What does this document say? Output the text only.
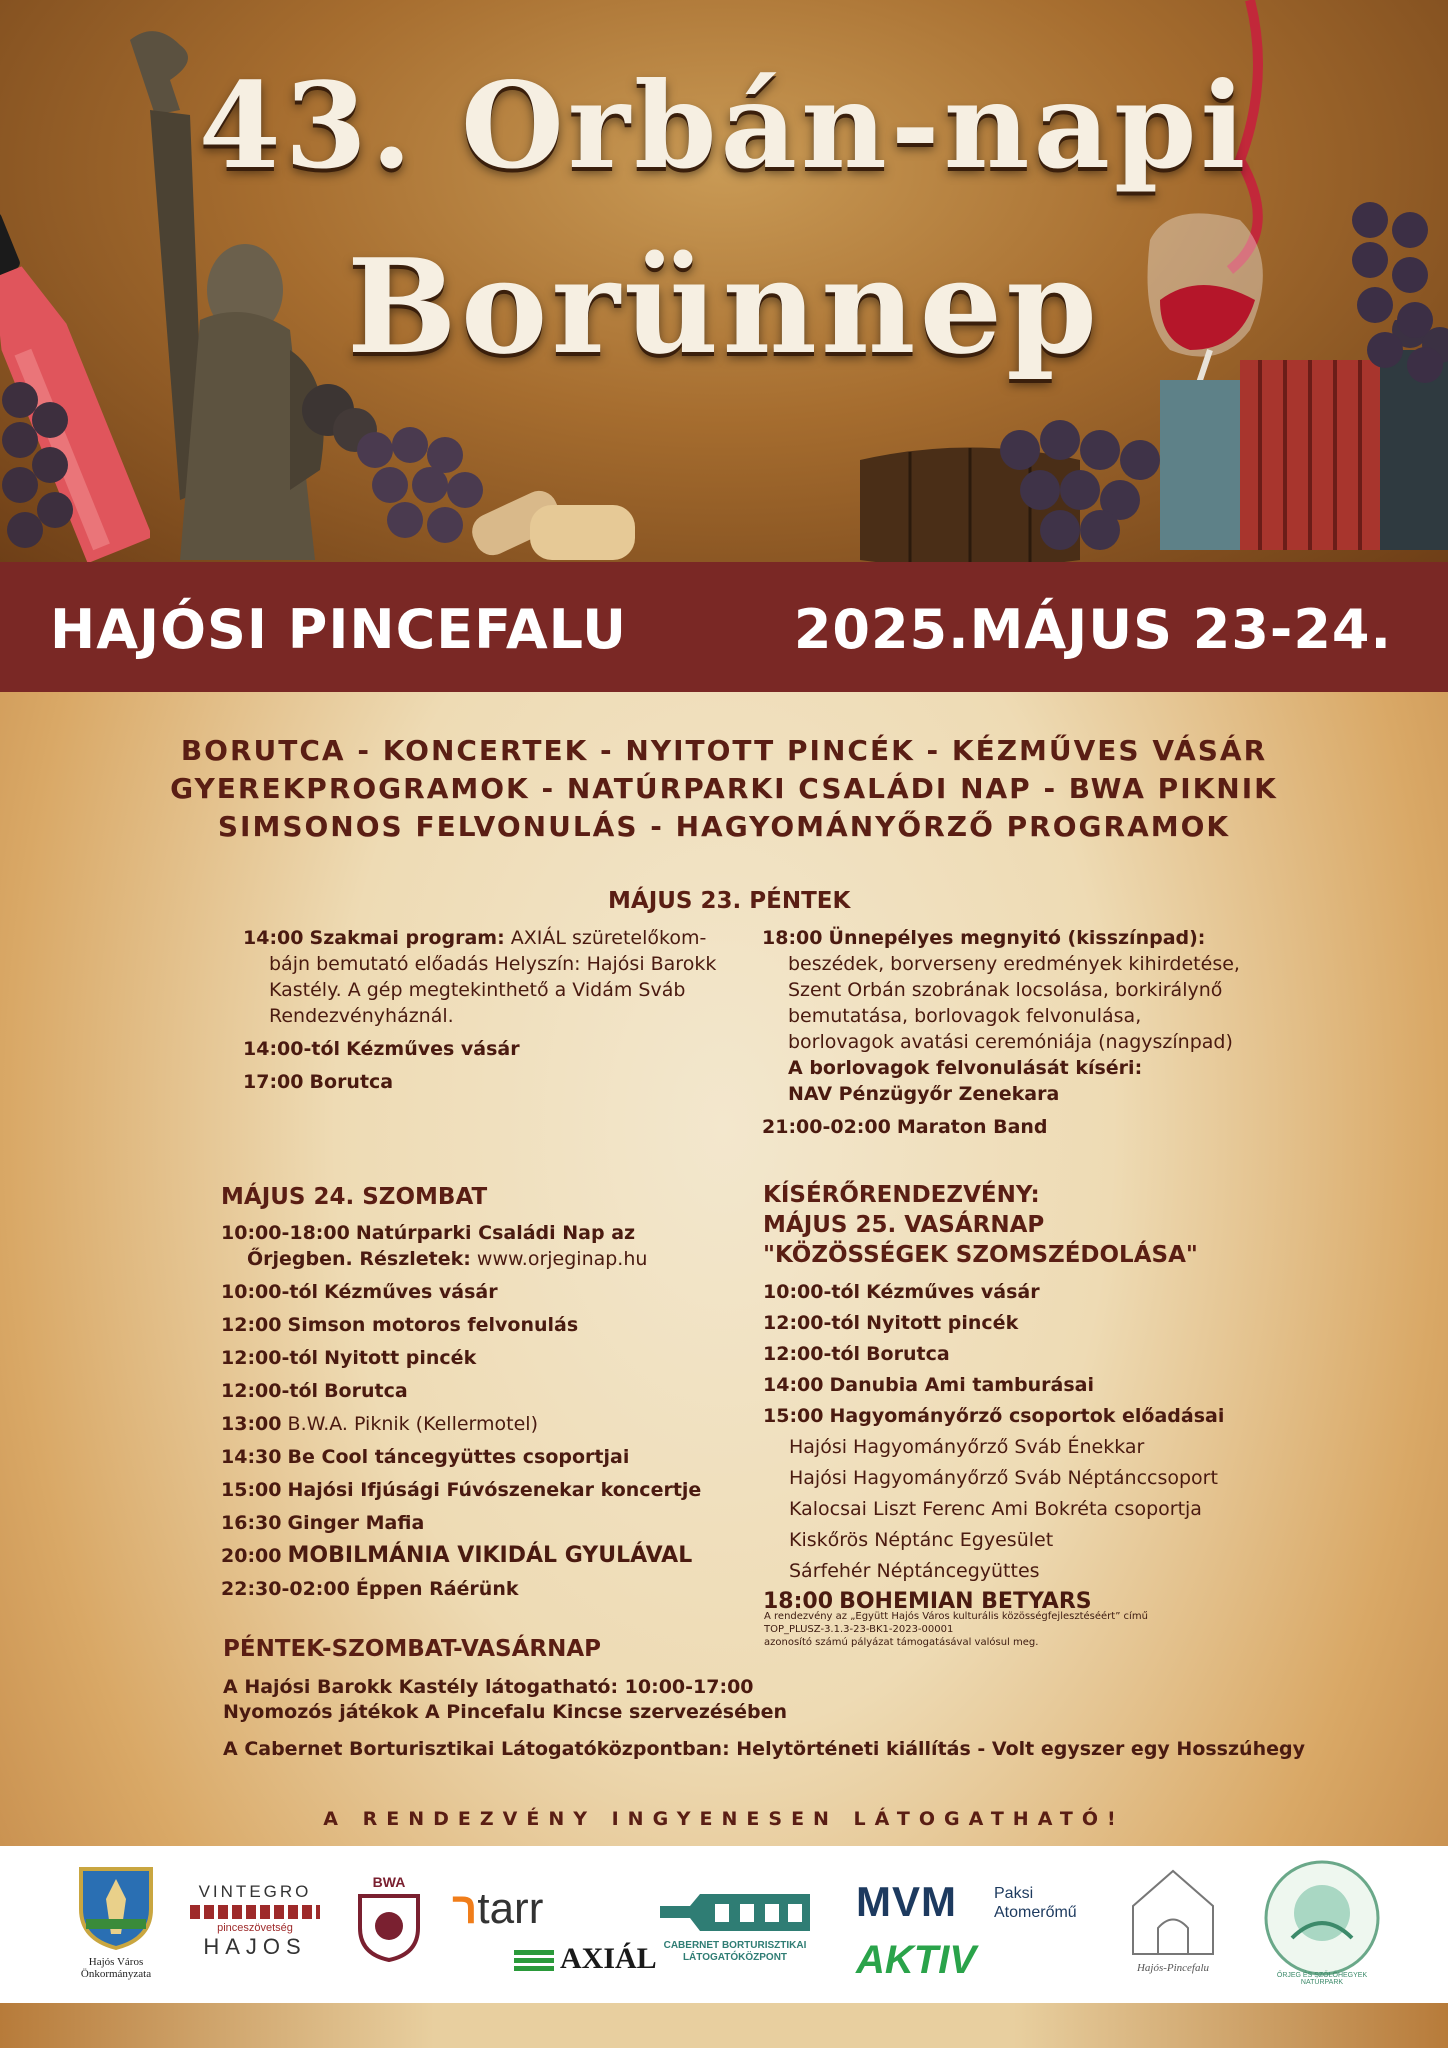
43. Orbán-napi
Borünnep
HAJÓSI PINCEFALU	2025.MÁJUS 23-24.
BORUTCA - KONCERTEK - NYITOTT PINCÉK - KÉZMŰVES VÁSÁR
GYEREKPROGRAMOK - NATÚRPARKI CSALÁDI NAP - BWA PIKNIK
SIMSONOS FELVONULÁS - HAGYOMÁNYŐRZŐ PROGRAMOK
MÁJUS 23. PÉNTEK
14:00 Szakmai program: AXIÁL szüretelőkom-
bájn bemutató előadás Helyszín: Hajósi Barokk
Kastély. A gép megtekinthető a Vidám Sváb
Rendezvényháznál.
14:00-tól Kézműves vásár
17:00 Borutca
18:00 Ünnepélyes megnyitó (kisszínpad):
beszédek, borverseny eredmények kihirdetése,
Szent Orbán szobrának locsolása, borkirálynő
bemutatása, borlovagok felvonulása,
borlovagok avatási ceremóniája (nagyszínpad)
A borlovagok felvonulását kíséri:
NAV Pénzügyőr Zenekara
21:00-02:00 Maraton Band
MÁJUS 24. SZOMBAT
10:00-18:00 Natúrparki Családi Nap az
Őrjegben. Részletek: www.orjeginap.hu
10:00-tól Kézműves vásár
12:00 Simson motoros felvonulás
12:00-tól Nyitott pincék
12:00-tól Borutca
13:00 B.W.A. Piknik (Kellermotel)
14:30 Be Cool táncegyüttes csoportjai
15:00 Hajósi Ifjúsági Fúvószenekar koncertje
16:30 Ginger Mafia
20:00 MOBILMÁNIA VIKIDÁL GYULÁVAL
22:30-02:00 Éppen Ráérünk
KÍSÉRŐRENDEZVÉNY:
MÁJUS 25. VASÁRNAP
"KÖZÖSSÉGEK SZOMSZÉDOLÁSA"
10:00-tól Kézműves vásár
12:00-tól Nyitott pincék
12:00-tól Borutca
14:00 Danubia Ami tamburásai
15:00 Hagyományőrző csoportok előadásai
Hajósi Hagyományőrző Sváb Énekkar
Hajósi Hagyományőrző Sváb Néptánccsoport
Kalocsai Liszt Ferenc Ami Bokréta csoportja
Kiskőrös Néptánc Egyesület
Sárfehér Néptáncegyüttes
18:00 BOHEMIAN BETYARS
A rendezvény az „Együtt Hajós Város kulturális közösségfejlesztéséért” című
TOP_PLUSZ-3.1.3-23-BK1-2023-00001
azonosító számú pályázat támogatásával valósul meg.
PÉNTEK-SZOMBAT-VASÁRNAP
A Hajósi Barokk Kastély látogatható: 10:00-17:00
Nyomozós játékok A Pincefalu Kincse szervezésében
A Cabernet Borturisztikai Látogatóközpontban: Helytörténeti kiállítás - Volt egyszer egy Hosszúhegy
A RENDEZVÉNY INGYENESEN LÁTOGATHATÓ!
Hajós Város
Önkormányzata
VINTEGRO
pinceszövetség
HAJOS
BWA
רtarr
AXIÁL CABERNET BORTURISZTIKAI
LÁTOGATÓKÖZPONT
MVM Paksi
Atomerőmű
AKTIV	Hajós-Pincefalu
ŐRJEG ÉS SZŐLŐHEGYEK NATÚRPARK
